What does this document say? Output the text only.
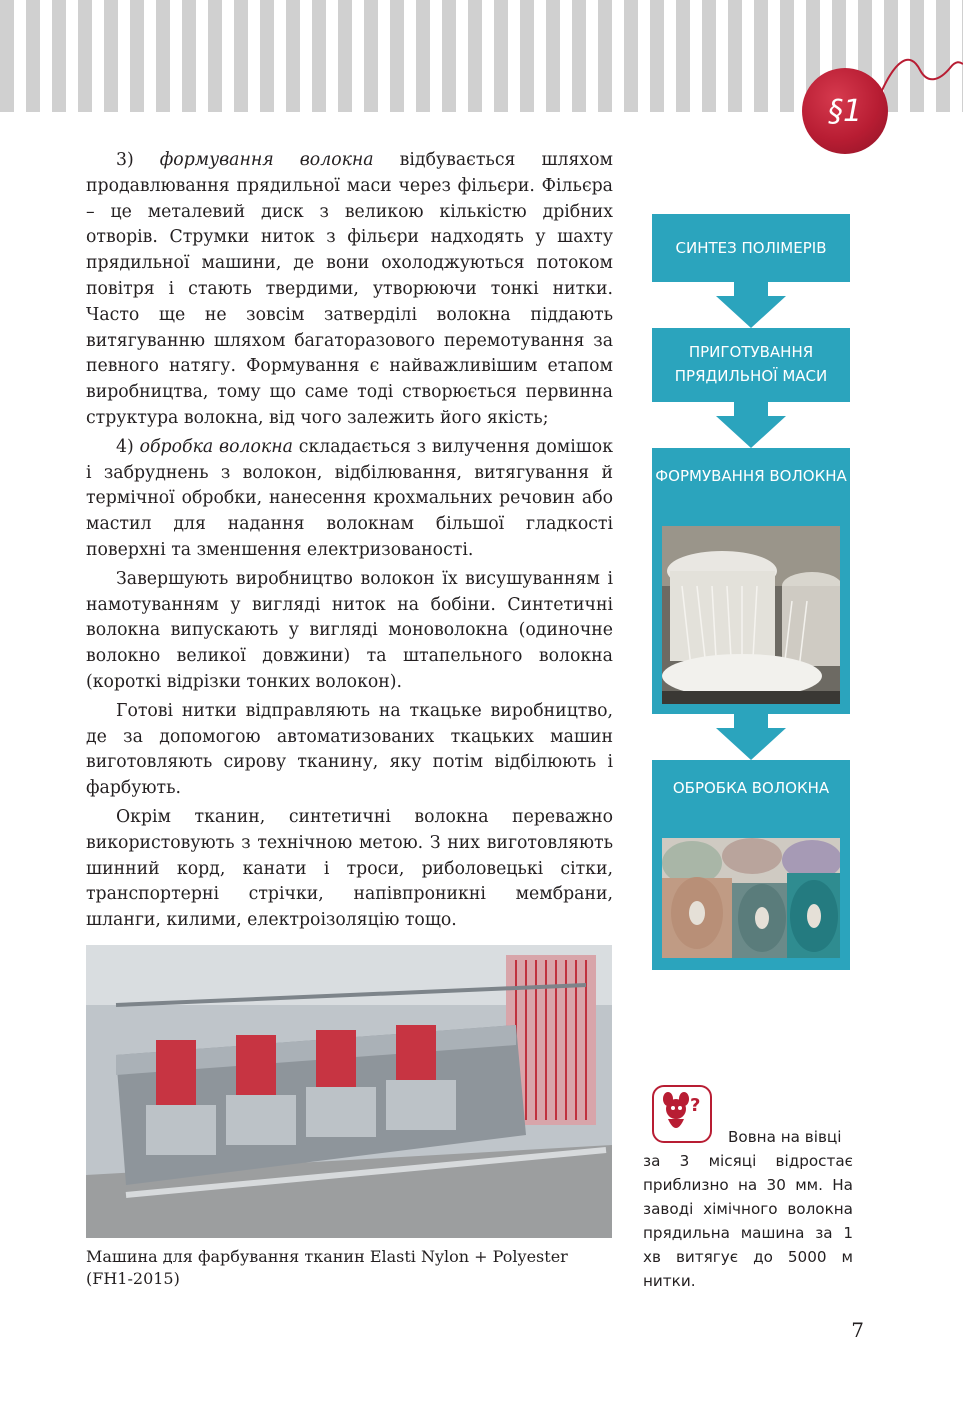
§1

3) формування волокна відбувається шляхом продавлювання прядильної маси через фільєри. Фільєра – це металевий диск з великою кількістю дрібних отворів. Струмки ниток з фільєри надходять у шахту прядильної машини, де вони охолоджуються потоком повітря і стають твердими, утворюючи тонкі нитки. Часто ще не зовсім затверділі волокна піддають витягуванню шляхом багаторазового перемотування за певного натягу. Формування є найважливішим етапом виробництва, тому що саме тоді створюється первинна структура волокна, від чого залежить його якість;

4) обробка волокна складається з вилучення домішок і забруднень з волокон, відбілювання, витягування й термічної обробки, нанесення крохмальних речовин або мастил для надання волокнам більшої гладкості поверхні та зменшення електризованості.

Завершують виробництво волокон їх висушуванням і намотуванням у вигляді ниток на бобіни. Синтетичні волокна випускають у вигляді моноволокна (одиночне волокно великої довжини) та штапельного волокна (короткі відрізки тонких волокон).

Готові нитки відправляють на ткацьке виробництво, де за допомогою автоматизованих ткацьких машин виготовляють сирову тканину, яку потім відбілюють і фарбують.

Окрім тканин, синтетичні волокна переважно використовують з технічною метою. З них виготовляють шинний корд, канати і троси, риболовецькі сітки, транспортерні стрічки, напівпроникні мембрани, шланги, килими, електроізоляцію тощо.

Машина для фарбування тканин Elasti Nylon + Polyester (FH1-2015)
СИНТЕЗ ПОЛІМЕРІВ
ПРИГОТУВАННЯ ПРЯДИЛЬНОЇ МАСИ
ФОРМУВАННЯ ВОЛОКНА
ОБРОБКА ВОЛОКНА
?
Вовна на вівці
за 3 місяці відростає приблизно на 30 мм. На заводі хімічного волокна прядильна машина за 1 хв витягує до 5000 м нитки.
7
